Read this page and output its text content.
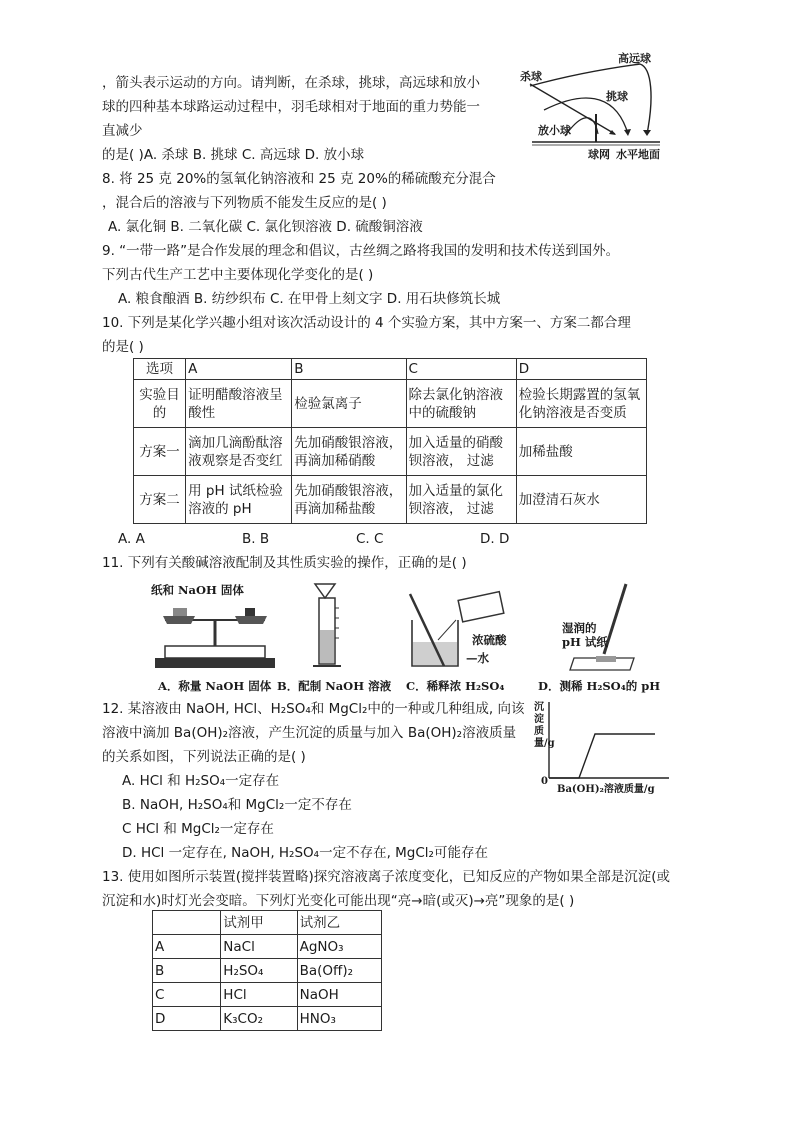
，箭头表示运动的方向。请判断，在杀球，挑球，高远球和放小
球的四种基本球路运动过程中，羽毛球相对于地面的重力势能一
直减少
的是( )A. 杀球 B. 挑球 C. 高远球 D. 放小球
杀球
高远球
挑球
放小球
球网 水平地面
8. 将 25 克 20%的氢氧化钠溶液和 25 克 20%的稀硫酸充分混合
，混合后的溶液与下列物质不能发生反应的是( )
A. 氯化铜 B. 二氧化碳 C. 氯化钡溶液 D. 硫酸铜溶液
9. “一带一路”是合作发展的理念和倡议，古丝绸之路将我国的发明和技术传送到国外。
下列古代生产工艺中主要体现化学变化的是( )
A. 粮食酿酒 B. 纺纱织布 C. 在甲骨上刻文字 D. 用石块修筑长城
10. 下列是某化学兴趣小组对该次活动设计的 4 个实验方案，其中方案一、方案二都合理
的是( )
选项	A	B	C	D
实验目的	证明醋酸溶液呈酸性	检验氯离子	除去氯化钠溶液中的硫酸钠	检验长期露置的氢氧化钠溶液是否变质
方案一	滴加几滴酚酞溶液观察是否变红	先加硝酸银溶液，再滴加稀硝酸	加入适量的硝酸钡溶液， 过滤	加稀盐酸
方案二	用 pH 试纸检验溶液的 pH	先加硝酸银溶液，再滴加稀盐酸	加入适量的氯化钡溶液， 过滤	加澄清石灰水
A. A	B. B	C. C	D. D
11. 下列有关酸碱溶液配制及其性质实验的操作，正确的是( )
纸和 NaOH 固体
浓硫酸
—水
湿润的
pH 试纸
A．称量 NaOH 固体 B．配制 NaOH 溶液 C．稀释浓 H₂SO₄	D．测稀 H₂SO₄的 pH
12. 某溶液由 NaOH, HCl、H₂SO₄和 MgCl₂中的一种或几种组成, 向该
溶液中滴加 Ba(OH)₂溶液，产生沉淀的质量与加入 Ba(OH)₂溶液质量
的关系如图，下列说法正确的是( )
A. HCl 和 H₂SO₄一定存在
B. NaOH, H₂SO₄和 MgCl₂一定不存在
C HCl 和 MgCl₂一定存在
D. HCl 一定存在, NaOH, H₂SO₄一定不存在, MgCl₂可能存在
沉淀质量/g
0
Ba(OH)₂溶液质量/g
13. 使用如图所示装置(搅拌装置略)探究溶液离子浓度变化，已知反应的产物如果全部是沉淀(或
沉淀和水)时灯光会变暗。下列灯光变化可能出现“亮→暗(或灭)→亮”现象的是( )
	试剂甲	试剂乙
A	NaCl	AgNO₃
B	H₂SO₄	Ba(Off)₂
C	HCl	NaOH
D	K₃CO₂	HNO₃
